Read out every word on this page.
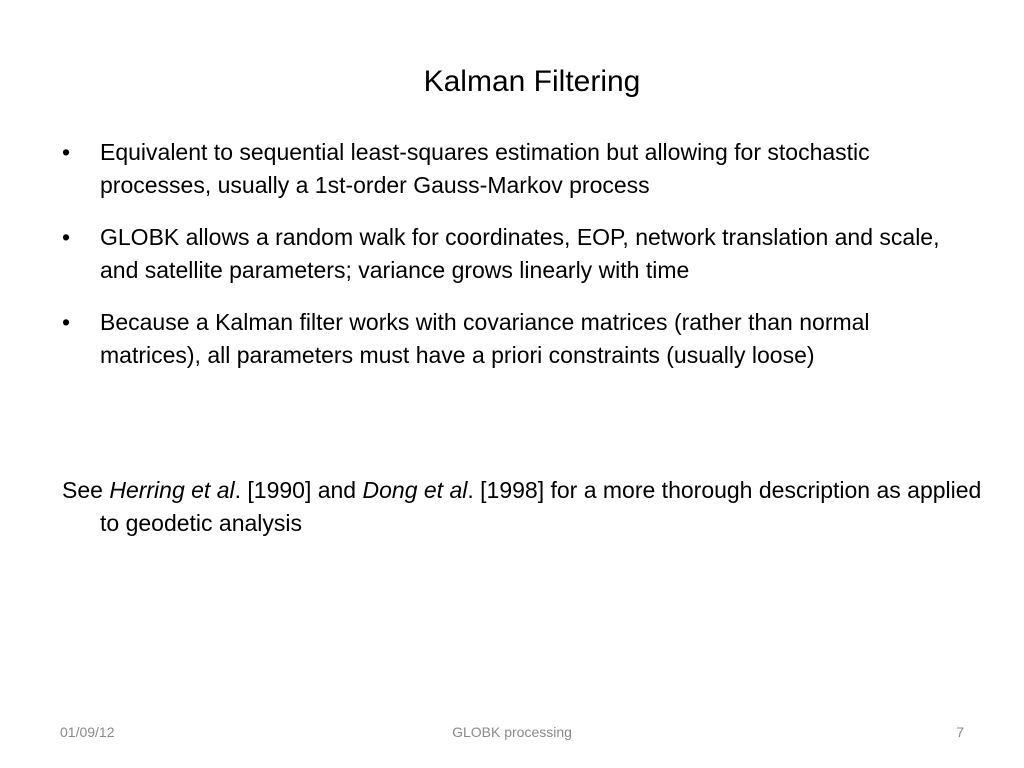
Kalman Filtering
•	Equivalent to sequential least-squares estimation but allowing for stochastic processes, usually a 1st-order Gauss-Markov process
•	GLOBK allows a random walk for coordinates, EOP, network translation and scale, and satellite parameters; variance grows linearly with time
•	Because a Kalman filter works with covariance matrices (rather than normal matrices), all parameters must have a priori constraints (usually loose)
See Herring et al. [1990] and Dong et al. [1998] for a more thorough description as applied to geodetic analysis
01/09/12	GLOBK processing	7
